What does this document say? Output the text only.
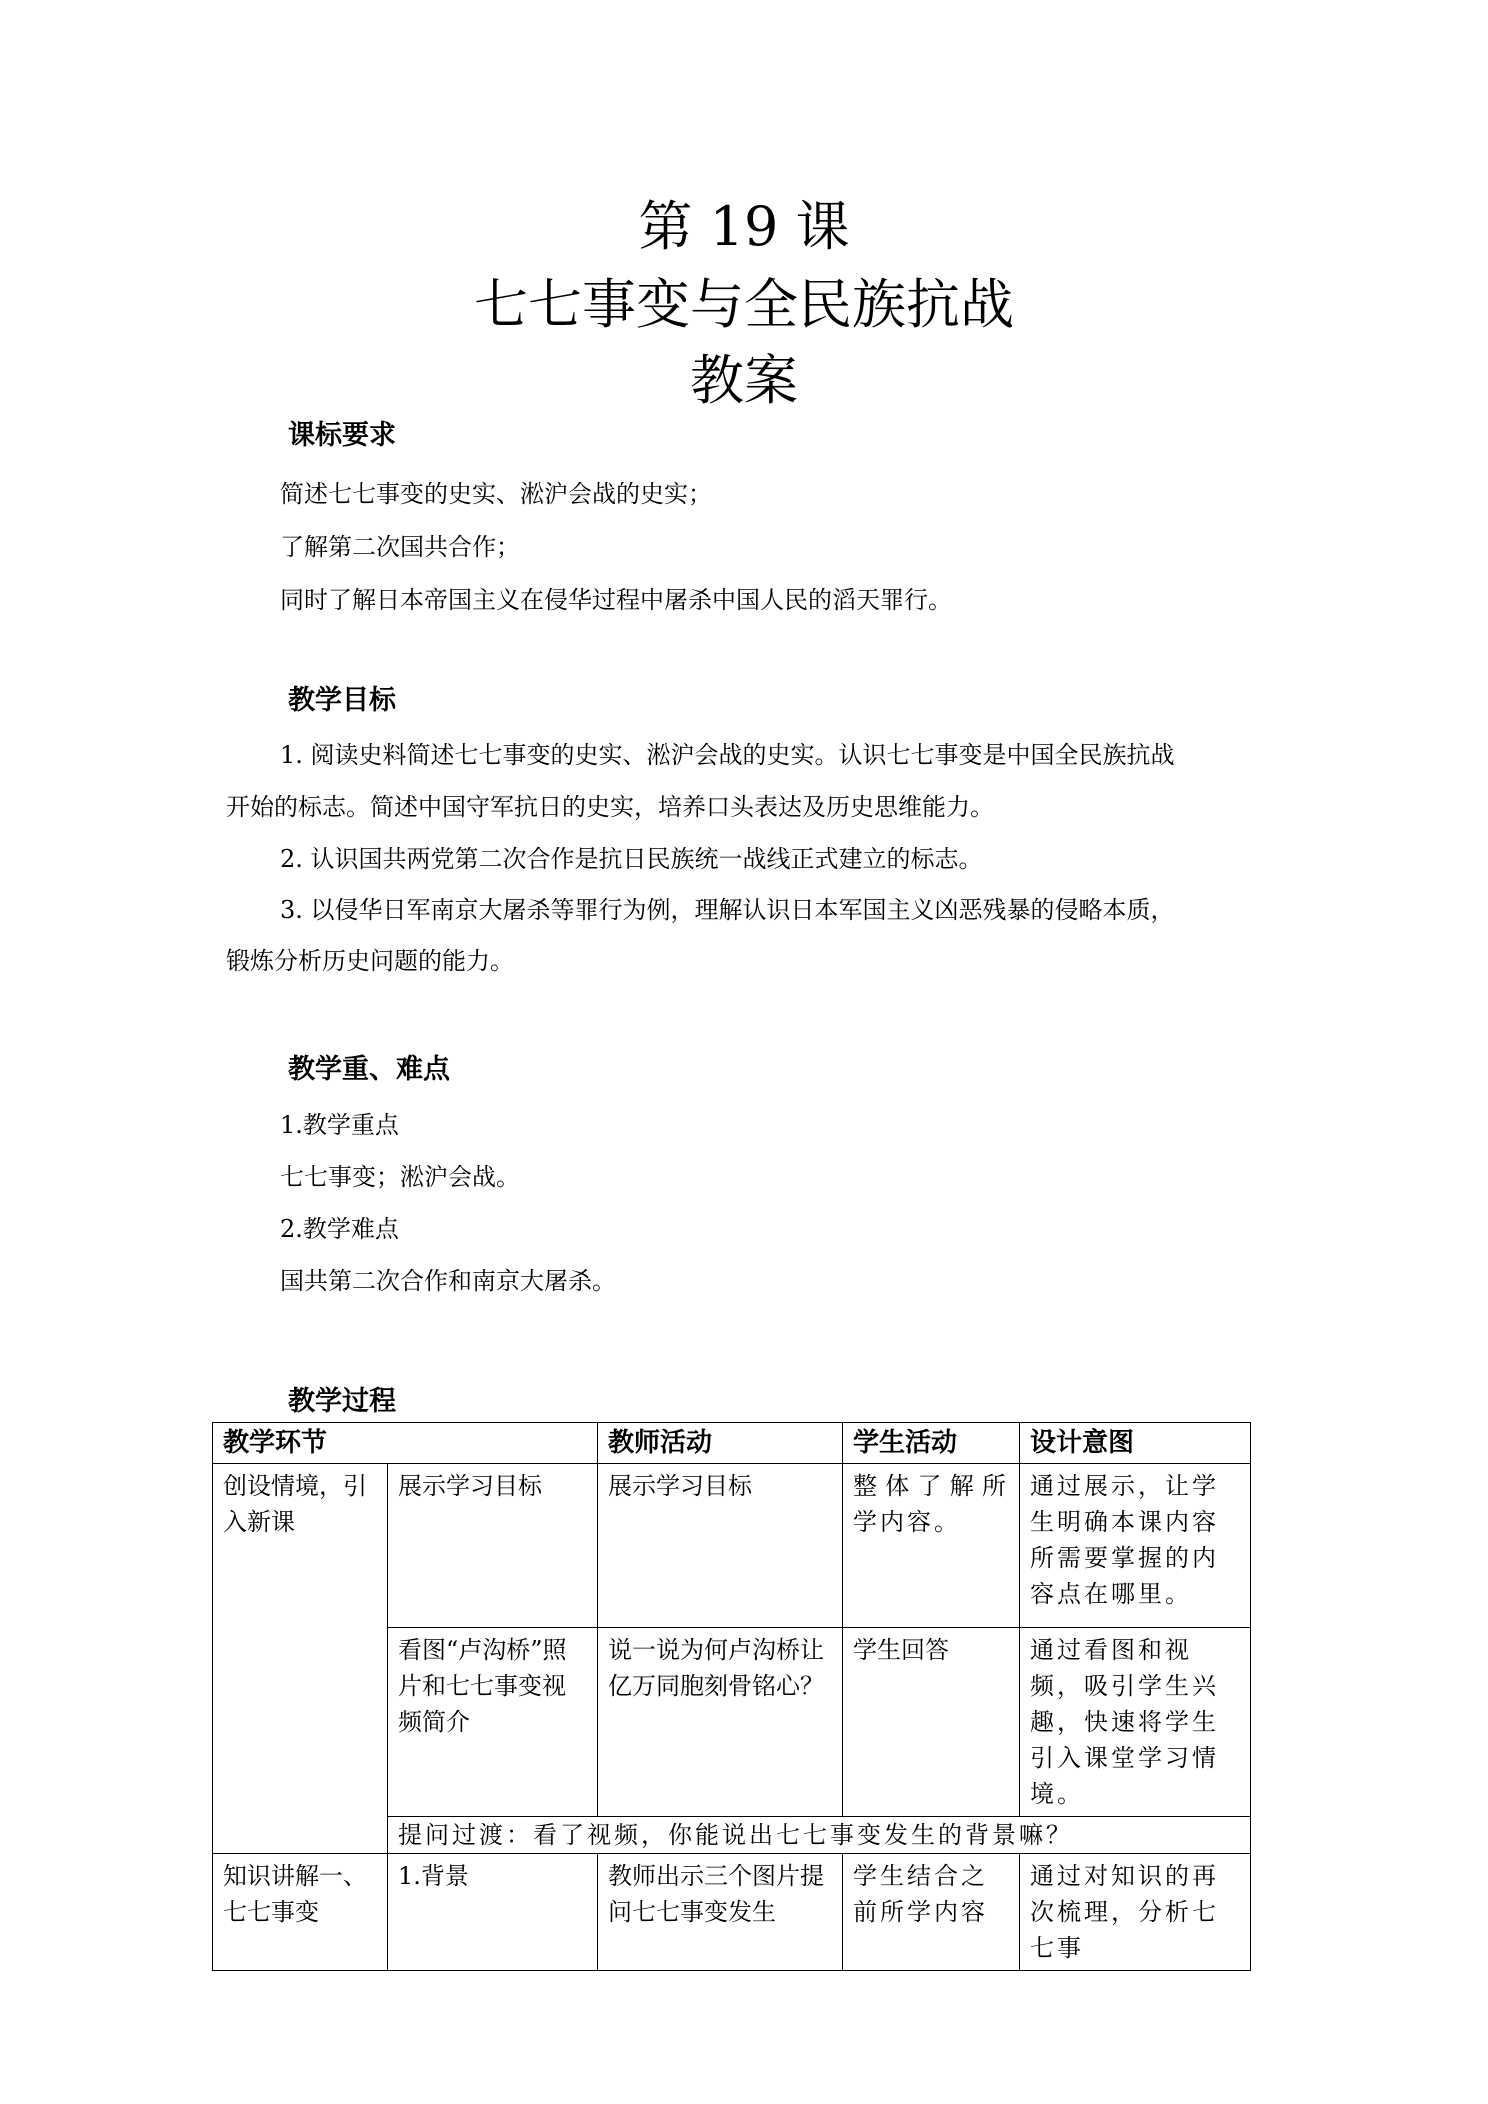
第 19 课
七七事变与全民族抗战
教案
课标要求
简述七七事变的史实、淞沪会战的史实；
了解第二次国共合作；
同时了解日本帝国主义在侵华过程中屠杀中国人民的滔天罪行。
教学目标
1. 阅读史料简述七七事变的史实、淞沪会战的史实。认识七七事变是中国全民族抗战
开始的标志。简述中国守军抗日的史实，培养口头表达及历史思维能力。
2. 认识国共两党第二次合作是抗日民族统一战线正式建立的标志。
3. 以侵华日军南京大屠杀等罪行为例，理解认识日本军国主义凶恶残暴的侵略本质，
锻炼分析历史问题的能力。
教学重、难点
1.教学重点
七七事变；淞沪会战。
2.教学难点
国共第二次合作和南京大屠杀。
教学过程
教学环节		教师活动	学生活动	设计意图
创设情境，引入新课	展示学习目标	展示学习目标	整体了解所学内容。	通过展示，让学生明确本课内容所需要掌握的内容点在哪里。
	看图“卢沟桥”照片和七七事变视频简介	说一说为何卢沟桥让亿万同胞刻骨铭心？	学生回答	通过看图和视频，吸引学生兴趣，快速将学生引入课堂学习情境。
	提问过渡：看了视频，你能说出七七事变发生的背景嘛？			
知识讲解一、七七事变	1.背景	教师出示三个图片提问七七事变发生	学生结合之前所学内容	通过对知识的再次梳理，分析七七事
